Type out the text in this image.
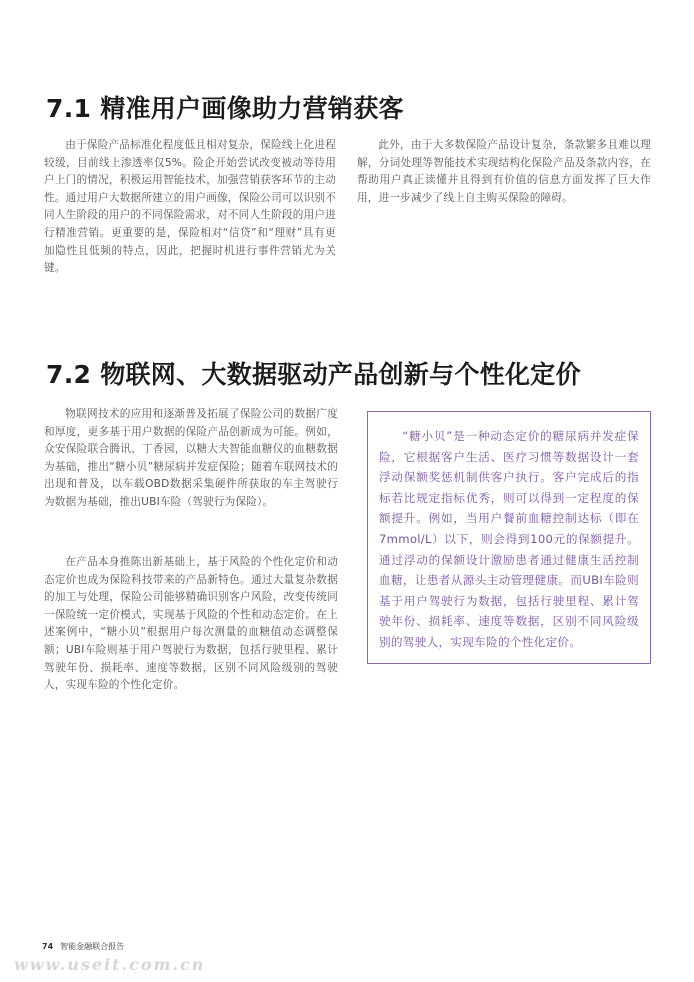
7.1 精准用户画像助力营销获客

由于保险产品标准化程度低且相对复杂，保险线上化进程较缓，目前线上渗透率仅5%。险企开始尝试改变被动等待用户上门的情况，积极运用智能技术，加强营销获客环节的主动性。通过用户大数据所建立的用户画像，保险公司可以识别不同人生阶段的用户的不同保险需求，对不同人生阶段的用户进行精准营销。更重要的是，保险相对“信贷”和“理财”具有更加隐性且低频的特点，因此，把握时机进行事件营销尤为关键。

此外，由于大多数保险产品设计复杂，条款繁多且难以理解，分词处理等智能技术实现结构化保险产品及条款内容，在帮助用户真正读懂并且得到有价值的信息方面发挥了巨大作用，进一步减少了线上自主购买保险的障碍。

7.2 物联网、大数据驱动产品创新与个性化定价

物联网技术的应用和逐渐普及拓展了保险公司的数据广度和厚度，更多基于用户数据的保险产品创新成为可能。例如，众安保险联合腾讯、丁香园，以糖大夫智能血糖仪的血糖数据为基础，推出“糖小贝”糖尿病并发症保险；随着车联网技术的出现和普及，以车载OBD数据采集硬件所获取的车主驾驶行为数据为基础，推出UBI车险（驾驶行为保险）。

在产品本身推陈出新基础上，基于风险的个性化定价和动态定价也成为保险科技带来的产品新特色。通过大量复杂数据的加工与处理，保险公司能够精确识别客户风险，改变传统同一保险统一定价模式，实现基于风险的个性和动态定价。在上述案例中，“糖小贝”根据用户每次测量的血糖值动态调整保额；UBI车险则基于用户驾驶行为数据，包括行驶里程、累计驾驶年份、损耗率、速度等数据，区别不同风险级别的驾驶人，实现车险的个性化定价。

“糖小贝”是一种动态定价的糖尿病并发症保险，它根据客户生活、医疗习惯等数据设计一套浮动保额奖惩机制供客户执行。客户完成后的指标若比规定指标优秀，则可以得到一定程度的保额提升。例如，当用户餐前血糖控制达标（即在7mmol/L）以下，则会得到100元的保额提升。通过浮动的保额设计激励患者通过健康生活控制血糖，让患者从源头主动管理健康。而UBI车险则基于用户驾驶行为数据，包括行驶里程、累计驾驶年份、损耗率、速度等数据，区别不同风险级别的驾驶人，实现车险的个性化定价。

74 智能金融联合报告
www.useit.com.cn
